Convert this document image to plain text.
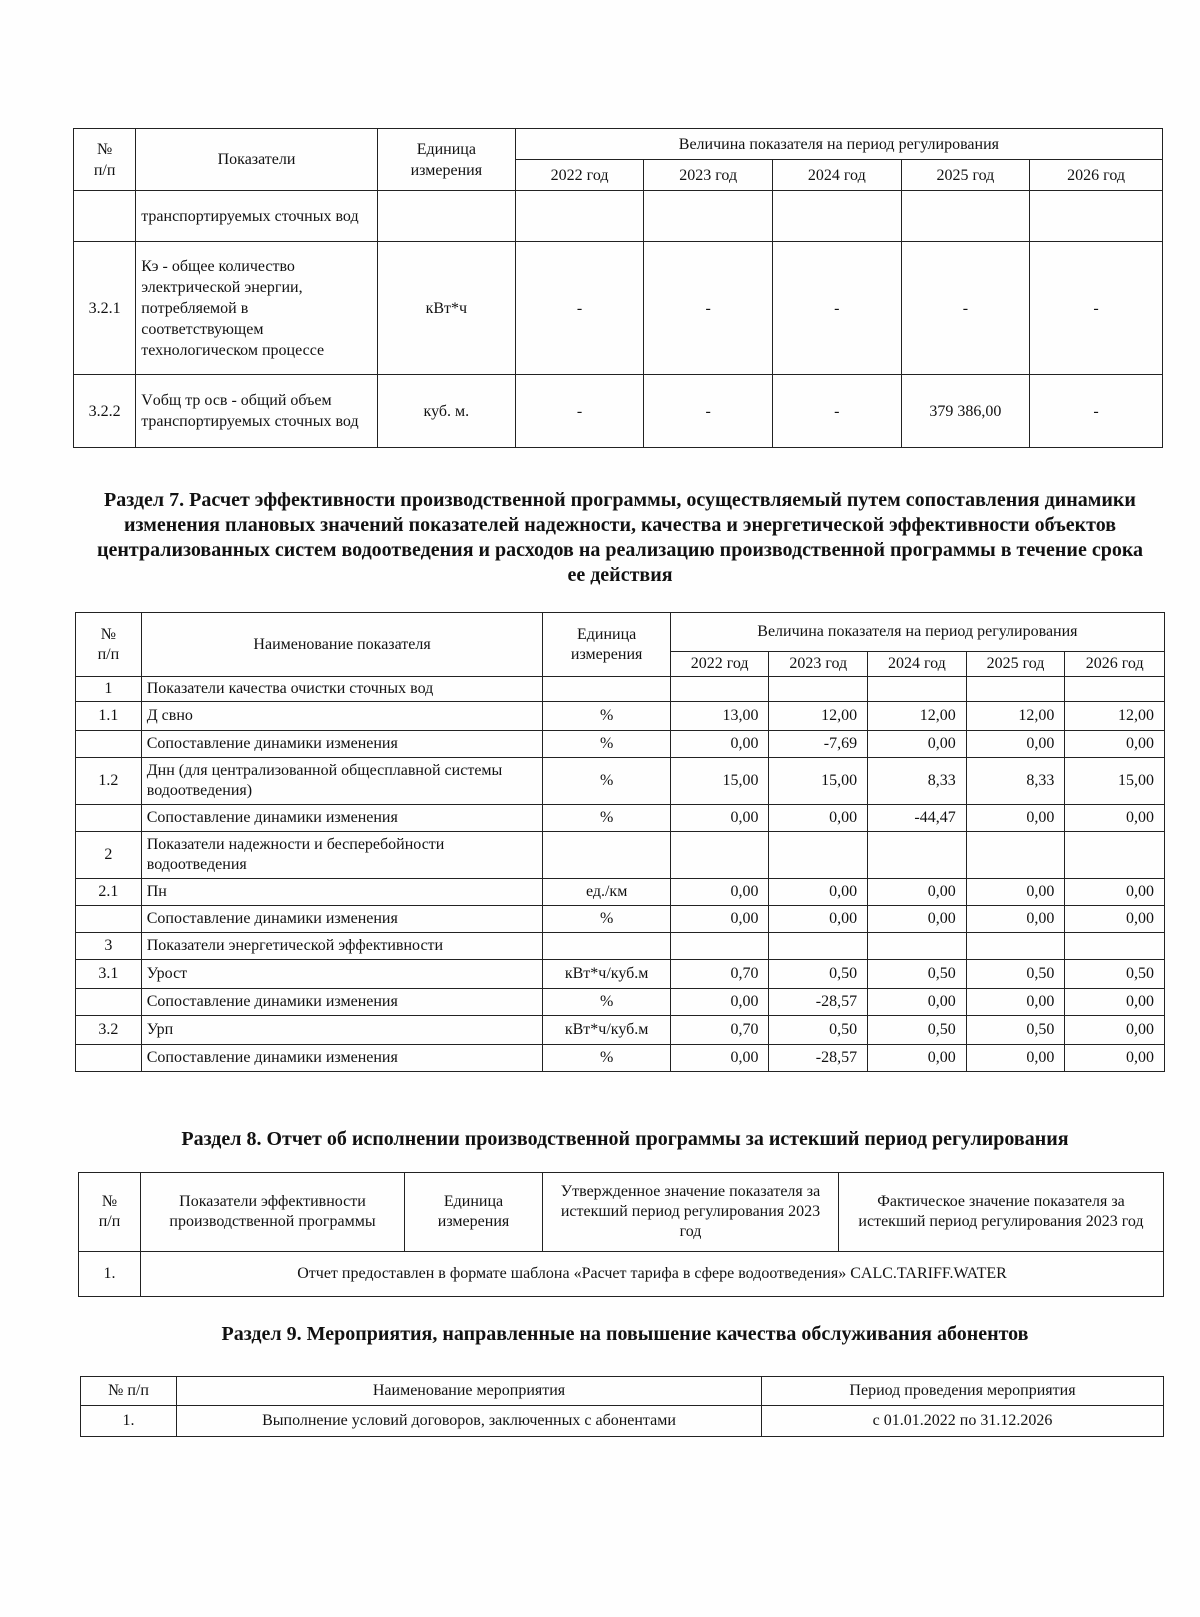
№
п/п	Показатели	Единица
измерения	Величина показателя на период регулирования				
			2022 год	2023 год	2024 год	2025 год	2026 год
	транспортируемых сточных вод						
3.2.1	Кэ - общее количество электрической энергии, потребляемой в соответствующем технологическом процессе	кВт*ч	-	-	-	-	-
3.2.2	Vобщ тр осв - общий объем транспортируемых сточных вод	куб. м.	-	-	-	379 386,00	-
Раздел 7. Расчет эффективности производственной программы, осуществляемый путем сопоставления динамики изменения плановых значений показателей надежности, качества и энергетической эффективности объектов централизованных систем водоотведения и расходов на реализацию производственной программы в течение срока ее действия
№
п/п	Наименование показателя	Единица
измерения	Величина показателя на период регулирования				
			2022 год	2023 год	2024 год	2025 год	2026 год
1	Показатели качества очистки сточных вод						
1.1	Д свно	%	13,00	12,00	12,00	12,00	12,00
	Сопоставление динамики изменения	%	0,00	-7,69	0,00	0,00	0,00
1.2	Днн (для централизованной общесплавной системы водоотведения)	%	15,00	15,00	8,33	8,33	15,00
	Сопоставление динамики изменения	%	0,00	0,00	-44,47	0,00	0,00
2	Показатели надежности и бесперебойности водоотведения						
2.1	Пн	ед./км	0,00	0,00	0,00	0,00	0,00
	Сопоставление динамики изменения	%	0,00	0,00	0,00	0,00	0,00
3	Показатели энергетической эффективности						
3.1	Урост	кВт*ч/куб.м	0,70	0,50	0,50	0,50	0,50
	Сопоставление динамики изменения	%	0,00	-28,57	0,00	0,00	0,00
3.2	Урп	кВт*ч/куб.м	0,70	0,50	0,50	0,50	0,00
	Сопоставление динамики изменения	%	0,00	-28,57	0,00	0,00	0,00
Раздел 8. Отчет об исполнении производственной программы за истекший период регулирования
№
п/п	Показатели эффективности производственной программы	Единица
измерения	Утвержденное значение показателя за истекший период регулирования 2023 год	Фактическое значение показателя за истекший период регулирования 2023 год
1.	Отчет предоставлен в формате шаблона «Расчет тарифа в сфере водоотведения» CALC.TARIFF.WATER			
Раздел 9. Мероприятия, направленные на повышение качества обслуживания абонентов
№ п/п	Наименование мероприятия	Период проведения мероприятия
1.	Выполнение условий договоров, заключенных с абонентами	с 01.01.2022 по 31.12.2026
